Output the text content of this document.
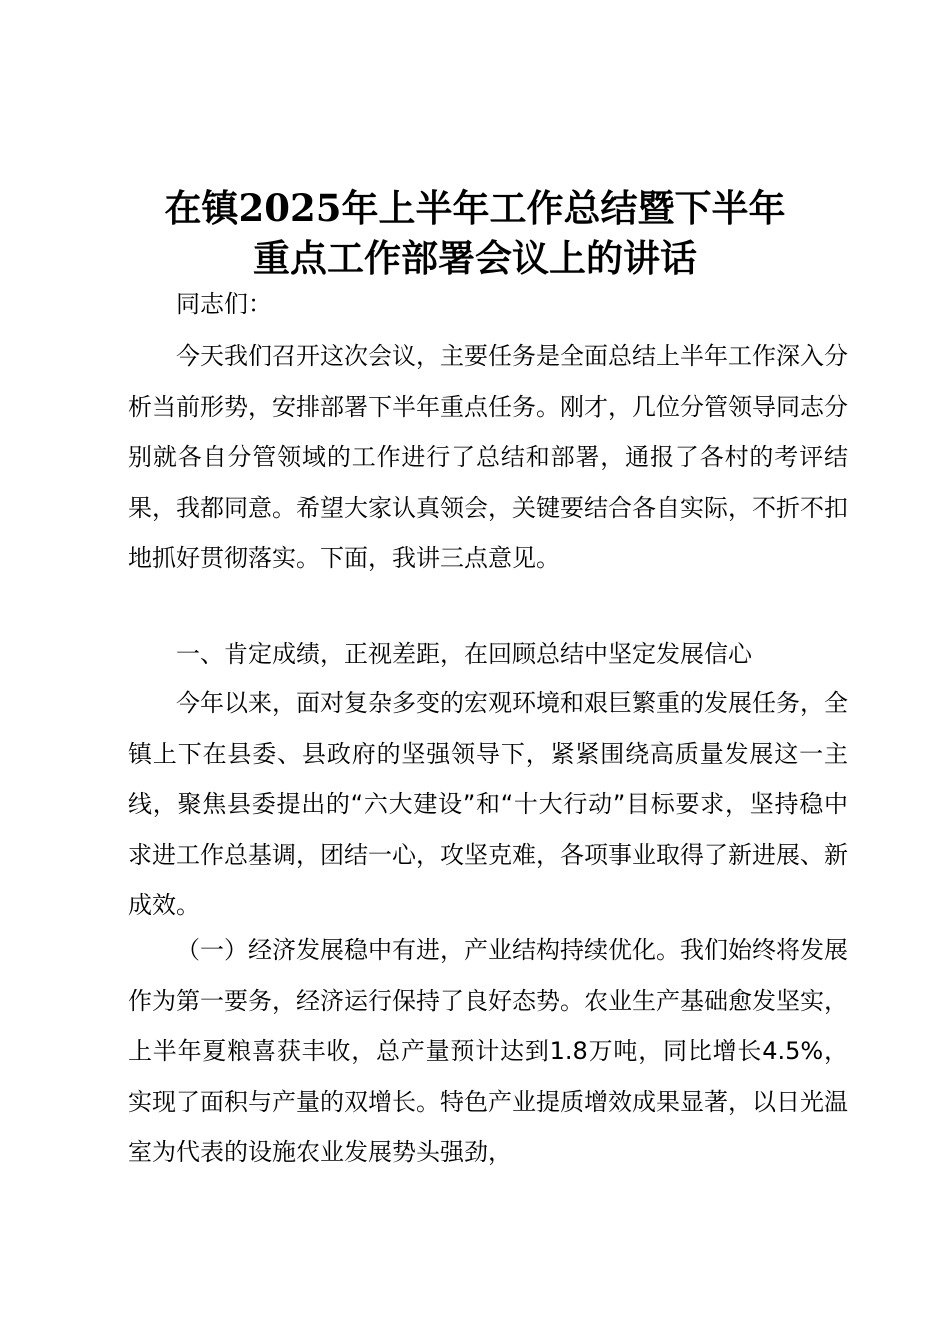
在镇2025年上半年工作总结暨下半年
重点工作部署会议上的讲话
同志们：
今天我们召开这次会议，主要任务是全面总结上半年工作深入分析当前形势，安排部署下半年重点任务。刚才，几位分管领导同志分别就各自分管领域的工作进行了总结和部署，通报了各村的考评结果，我都同意。希望大家认真领会，关键要结合各自实际，不折不扣地抓好贯彻落实。下面，我讲三点意见。
一、肯定成绩，正视差距，在回顾总结中坚定发展信心
今年以来，面对复杂多变的宏观环境和艰巨繁重的发展任务，全镇上下在县委、县政府的坚强领导下，紧紧围绕高质量发展这一主线，聚焦县委提出的“六大建设”和“十大行动”目标要求，坚持稳中求进工作总基调，团结一心，攻坚克难，各项事业取得了新进展、新成效。
（一）经济发展稳中有进，产业结构持续优化。我们始终将发展作为第一要务，经济运行保持了良好态势。农业生产基础愈发坚实，上半年夏粮喜获丰收，总产量预计达到1.8万吨，同比增长4.5%，实现了面积与产量的双增长。特色产业提质增效成果显著，以日光温室为代表的设施农业发展势头强劲，
